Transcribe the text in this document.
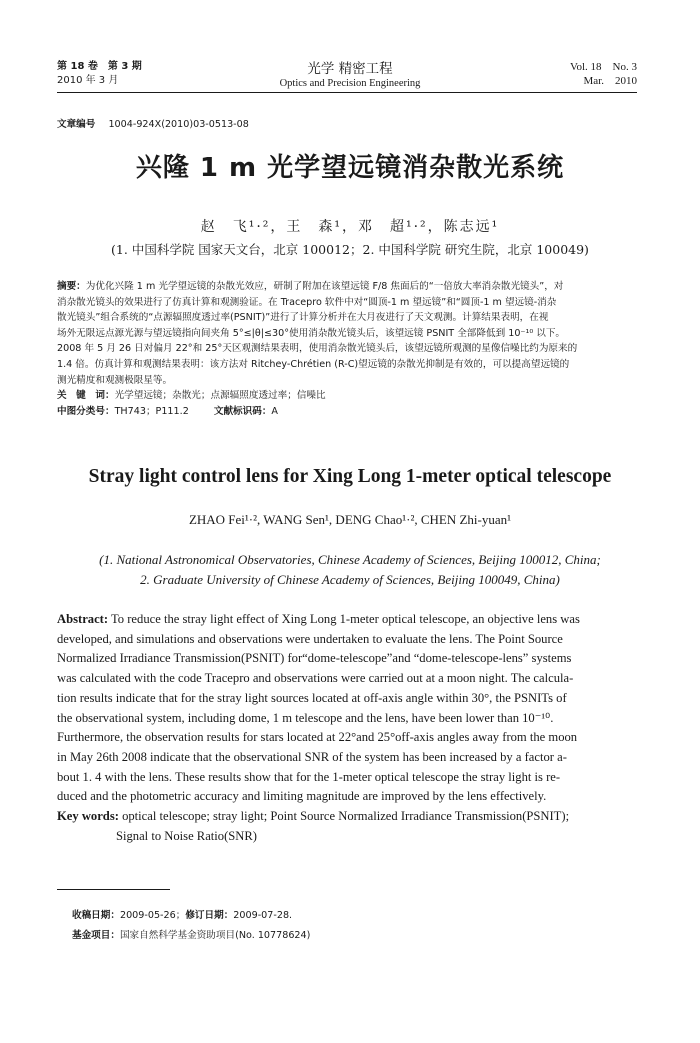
第 18 卷　第 3 期
2010 年 3 月
光学 精密工程
Optics and Precision Engineering
Vol. 18　No. 3
Mar.　2010
文章编号 1004-924X(2010)03-0513-08
兴隆 1 m 光学望远镜消杂散光系统
赵　飞¹·²，王　森¹，邓　超¹·²，陈志远¹
(1. 中国科学院 国家天文台，北京 100012；2. 中国科学院 研究生院，北京 100049)
摘要：为优化兴隆 1 m 光学望远镜的杂散光效应，研制了附加在该望远镜 F/8 焦面后的“一倍放大率消杂散光镜头”，对
消杂散光镜头的效果进行了仿真计算和观测验证。在 Tracepro 软件中对“圆顶-1 m 望远镜”和“圆顶-1 m 望远镜-消杂
散光镜头”组合系统的“点源辐照度透过率(PSNIT)”进行了计算分析并在大月夜进行了天文观测。计算结果表明，在视
场外无限远点源光源与望远镜指向间夹角 5°≤|θ|≤30°使用消杂散光镜头后，该望远镜 PSNIT 全部降低到 10⁻¹⁰ 以下。
2008 年 5 月 26 日对偏月 22°和 25°天区观测结果表明，使用消杂散光镜头后，该望远镜所观测的星像信噪比约为原来的
1.4 倍。仿真计算和观测结果表明：该方法对 Ritchey-Chrétien (R-C)望远镜的杂散光抑制是有效的，可以提高望远镜的
测光精度和观测极限星等。
关　键　词：光学望远镜；杂散光；点源辐照度透过率；信噪比
中图分类号：TH743；P111.2	文献标识码：A
Stray light control lens for Xing Long 1-meter optical telescope
ZHAO Fei¹·², WANG Sen¹, DENG Chao¹·², CHEN Zhi-yuan¹
(1. National Astronomical Observatories, Chinese Academy of Sciences, Beijing 100012, China;
2. Graduate University of Chinese Academy of Sciences, Beijing 100049, China)
Abstract: To reduce the stray light effect of Xing Long 1-meter optical telescope, an objective lens was
developed, and simulations and observations were undertaken to evaluate the lens. The Point Source
Normalized Irradiance Transmission(PSNIT) for“dome-telescope”and “dome-telescope-lens” systems
was calculated with the code Tracepro and observations were carried out at a moon night. The calcula-
tion results indicate that for the stray light sources located at off-axis angle within 30°, the PSNITs of
the observational system, including dome, 1 m telescope and the lens, have been lower than 10⁻¹⁰.
Furthermore, the observation results for stars located at 22°and 25°off-axis angles away from the moon
in May 26th 2008 indicate that the observational SNR of the system has been increased by a factor a-
bout 1. 4 with the lens. These results show that for the 1-meter optical telescope the stray light is re-
duced and the photometric accuracy and limiting magnitude are improved by the lens effectively.
Key words: optical telescope; stray light; Point Source Normalized Irradiance Transmission(PSNIT);
Signal to Noise Ratio(SNR)
收稿日期：2009-05-26；修订日期：2009-07-28.
基金项目：国家自然科学基金资助项目(No. 10778624)
